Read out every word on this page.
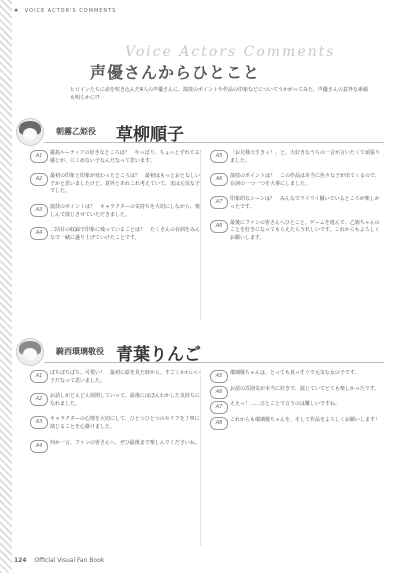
✱ VOICE ACTOR'S COMMENTS
Voice Actors Comments
声優さんからひとこと
ヒロインたちに命を吹き込んだ4人の声優さんに、演技のポイントや作品の印象などについてうかがってみた。声優さんの意外な素顔も明らかに!?
朝霧乙姫役 草柳順子
A1	霧島ルーティアの好きなところは？　やっぱり、ちょっとずれてる感じが、にくめない子なんだなって思います。
A2	最初の印象と印象が変わったところは？　最初はもっとおとなしい子かと思いましたけど、意外とあれこれ考えていて、実は元気な子でした。
A3	演技のポイントは？　キャラクターの気持ちを大切にしながら、楽しんで演じさせていただきました。
A4	二回目の収録で印象に残っていることは？　たくさんの台詞をみんなで一緒に盛り上げていけたことです。
A5	「お兄様大すきっ！」と、大好きなうちの一言が言いたくて頑張りました。
A6	演技のポイントは？　この作品は本当に色々な子が出てくるので、台詞の一つ一つを大事にしました。
A7	印象的なシーンは？　みんなでワイワイ騒いでいるところが楽しかったです。
A8	最後にファンの皆さんへひとこと。ゲームを遊んで、乙姫ちゃんのことを好きになってもらえたらうれしいです。これからもよろしくお願いします。
騎西環璃敬役 青葉りんご
A1	ぱちぱちぱち、可愛い！　最初に絵を見た時から、すごくかわいい子だなって思いました。
A2	お話しがどんどん展開していって、最後にはほんわかした気持ちになれました。
A3	キャラクターの心情を大切にして、ひとつひとつのセリフを丁寧に演じることを心掛けました。
A4	何か一言、ファンの皆さんへ。ぜひ最後まで楽しんでくださいね。
A5	環璃敬ちゃんは、とっても真っすぐで元気な女の子です。
A6	お話の雰囲気が本当に好きで、演じていてとても楽しかったです。
A7	ええっ！……ひとことで言うのは難しいですね。
A8	これからも環璃敬ちゃんを、そして作品をよろしくお願いします！
124 Official Visual Fan Book
